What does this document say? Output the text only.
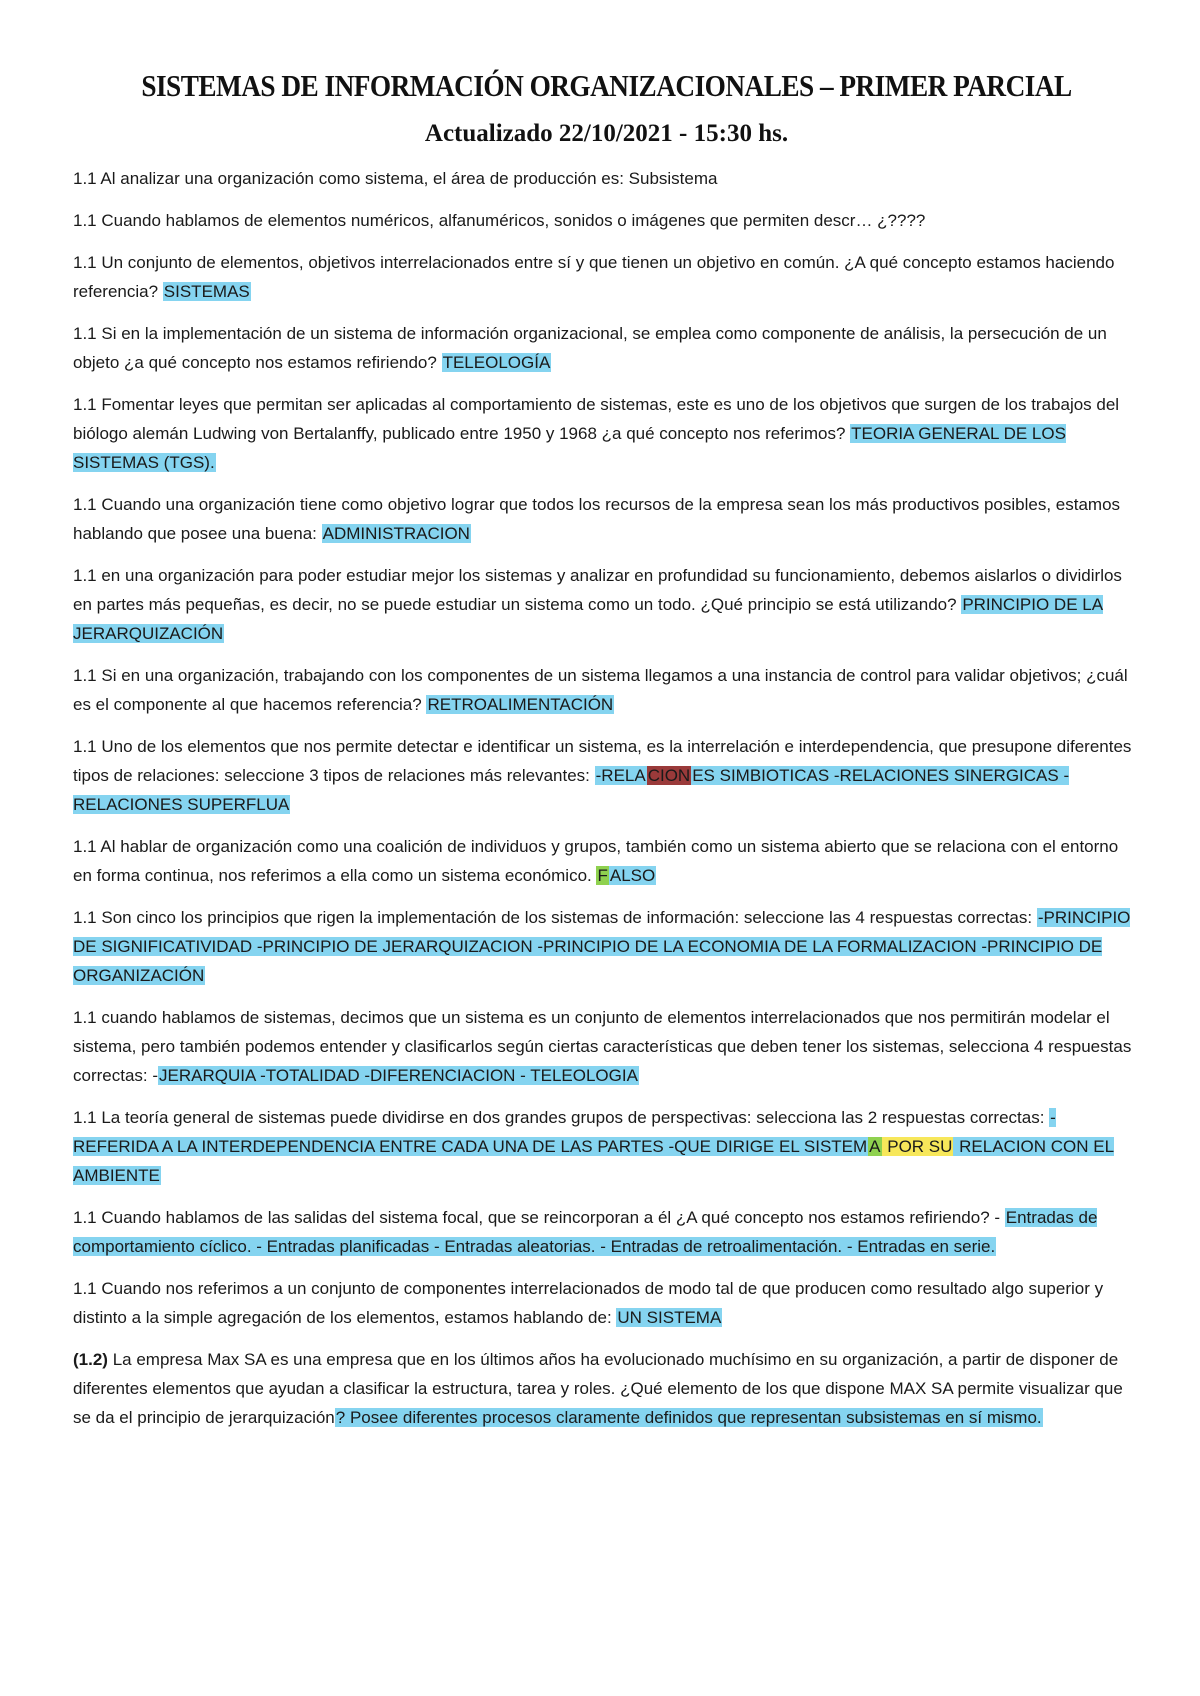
SISTEMAS DE INFORMACIÓN ORGANIZACIONALES – PRIMER PARCIAL
Actualizado 22/10/2021 - 15:30 hs.

1.1 Al analizar una organización como sistema, el área de producción es: Subsistema

1.1 Cuando hablamos de elementos numéricos, alfanuméricos, sonidos o imágenes que permiten descr… ¿????

1.1 Un conjunto de elementos, objetivos interrelacionados entre sí y que tienen un objetivo en común. ¿A qué concepto estamos haciendo referencia? SISTEMAS

1.1 Si en la implementación de un sistema de información organizacional, se emplea como componente de análisis, la persecución de un objeto ¿a qué concepto nos estamos refiriendo? TELEOLOGÍA

1.1 Fomentar leyes que permitan ser aplicadas al comportamiento de sistemas, este es uno de los objetivos que surgen de los trabajos del biólogo alemán Ludwing von Bertalanffy, publicado entre 1950 y 1968 ¿a qué concepto nos referimos? TEORIA GENERAL DE LOS SISTEMAS (TGS).

1.1 Cuando una organización tiene como objetivo lograr que todos los recursos de la empresa sean los más productivos posibles, estamos hablando que posee una buena: ADMINISTRACION

1.1 en una organización para poder estudiar mejor los sistemas y analizar en profundidad su funcionamiento, debemos aislarlos o dividirlos en partes más pequeñas, es decir, no se puede estudiar un sistema como un todo. ¿Qué principio se está utilizando? PRINCIPIO DE LA JERARQUIZACIÓN

1.1 Si en una organización, trabajando con los componentes de un sistema llegamos a una instancia de control para validar objetivos; ¿cuál es el componente al que hacemos referencia? RETROALIMENTACIÓN

1.1 Uno de los elementos que nos permite detectar e identificar un sistema, es la interrelación e interdependencia, que presupone diferentes tipos de relaciones: seleccione 3 tipos de relaciones más relevantes: -RELA CION ES SIMBIOTICAS -RELACIONES SINERGICAS -RELACIONES SUPERFLUA

1.1 Al hablar de organización como una coalición de individuos y grupos, también como un sistema abierto que se relaciona con el entorno en forma continua, nos referimos a ella como un sistema económico. F ALSO

1.1 Son cinco los principios que rigen la implementación de los sistemas de información: seleccione las 4 respuestas correctas: -PRINCIPIO DE SIGNIFICATIVIDAD -PRINCIPIO DE JERARQUIZACION -PRINCIPIO DE LA ECONOMIA DE LA FORMALIZACION -PRINCIPIO DE ORGANIZACIÓN

1.1 cuando hablamos de sistemas, decimos que un sistema es un conjunto de elementos interrelacionados que nos permitirán modelar el sistema, pero también podemos entender y clasificarlos según ciertas características que deben tener los sistemas, selecciona 4 respuestas correctas: -JERARQUIA -TOTALIDAD -DIFERENCIACION - TELEOLOGIA

1.1 La teoría general de sistemas puede dividirse en dos grandes grupos de perspectivas: selecciona las 2 respuestas correctas: -REFERIDA A LA INTERDEPENDENCIA ENTRE CADA UNA DE LAS PARTES -QUE DIRIGE EL SISTEM A POR SU RELACION CON EL AMBIENTE

1.1 Cuando hablamos de las salidas del sistema focal, que se reincorporan a él ¿A qué concepto nos estamos refiriendo? - Entradas de comportamiento cíclico. - Entradas planificadas - Entradas aleatorias. - Entradas de retroalimentación. - Entradas en serie.

1.1 Cuando nos referimos a un conjunto de componentes interrelacionados de modo tal de que producen como resultado algo superior y distinto a la simple agregación de los elementos, estamos hablando de: UN SISTEMA

(1.2) La empresa Max SA es una empresa que en los últimos años ha evolucionado muchísimo en su organización, a partir de disponer de diferentes elementos que ayudan a clasificar la estructura, tarea y roles. ¿Qué elemento de los que dispone MAX SA permite visualizar que se da el principio de jerarquización? Posee diferentes procesos claramente definidos que representan subsistemas en sí mismo.
